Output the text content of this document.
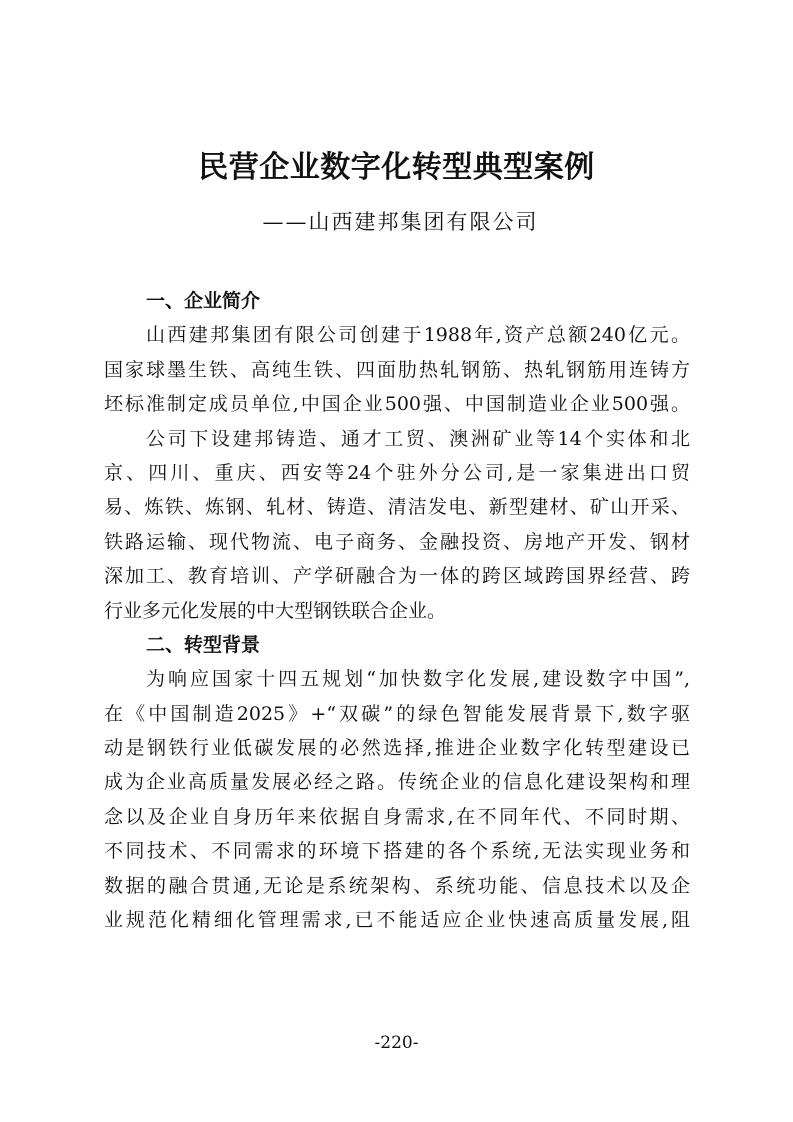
民营企业数字化转型典型案例
——山西建邦集团有限公司
一、企业简介
山西建邦集团有限公司创建于1988年,资产总额240亿元。
国家球墨生铁、高纯生铁、四面肋热轧钢筋、热轧钢筋用连铸方
坯标准制定成员单位,中国企业500强、中国制造业企业500强。
公司下设建邦铸造、通才工贸、澳洲矿业等14个实体和北
京、四川、重庆、西安等24个驻外分公司,是一家集进出口贸
易、炼铁、炼钢、轧材、铸造、清洁发电、新型建材、矿山开采、
铁路运输、现代物流、电子商务、金融投资、房地产开发、钢材
深加工、教育培训、产学研融合为一体的跨区域跨国界经营、跨
行业多元化发展的中大型钢铁联合企业。
二、转型背景
为响应国家十四五规划“加快数字化发展,建设数字中国”,
在《中国制造2025》+“双碳”的绿色智能发展背景下,数字驱
动是钢铁行业低碳发展的必然选择,推进企业数字化转型建设已
成为企业高质量发展必经之路。传统企业的信息化建设架构和理
念以及企业自身历年来依据自身需求,在不同年代、不同时期、
不同技术、不同需求的环境下搭建的各个系统,无法实现业务和
数据的融合贯通,无论是系统架构、系统功能、信息技术以及企
业规范化精细化管理需求,已不能适应企业快速高质量发展,阻
-220-
